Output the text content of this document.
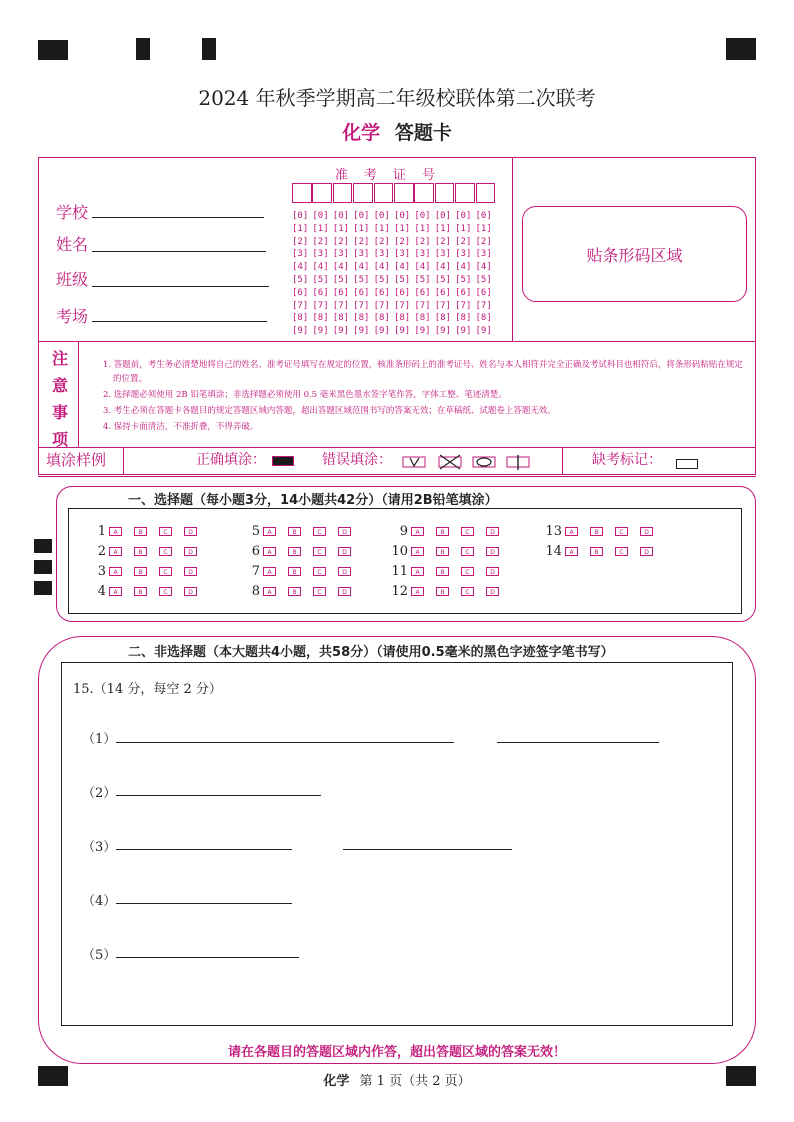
2024 年秋季学期高二年级校联体第二次联考
化学 答题卡
学校
姓名
班级
考场
准考证号
[0] [0] [0] [0] [0] [0] [0] [0] [0] [0]
[1] [1] [1] [1] [1] [1] [1] [1] [1] [1]
[2] [2] [2] [2] [2] [2] [2] [2] [2] [2]
[3] [3] [3] [3] [3] [3] [3] [3] [3] [3]
[4] [4] [4] [4] [4] [4] [4] [4] [4] [4]
[5] [5] [5] [5] [5] [5] [5] [5] [5] [5]
[6] [6] [6] [6] [6] [6] [6] [6] [6] [6]
[7] [7] [7] [7] [7] [7] [7] [7] [7] [7]
[8] [8] [8] [8] [8] [8] [8] [8] [8] [8]
[9] [9] [9] [9] [9] [9] [9] [9] [9] [9]
贴条形码区域
注
意
事
项
1. 答题前，考生务必清楚地将自己的姓名、准考证号填写在规定的位置，核准条形码上的准考证号、姓名与本人相符并完全正确及考试科目也相符后，将条形码粘贴在规定的位置。
2. 选择题必须使用 2B 铅笔填涂；非选择题必须使用 0.5 毫米黑色墨水签字笔作答，字体工整、笔迹清楚。
3. 考生必须在答题卡各题目的规定答题区域内答题，超出答题区域范围书写的答案无效；在草稿纸、试题卷上答题无效。
4. 保持卡面清洁，不准折叠，不得弄破。
填涂样例	正确填涂：	错误填涂：	缺考标记：
一、选择题（每小题3分，14小题共42分）（请用2B铅笔填涂）
1	A	B	C	D
2	A	B	C	D
3	A	B	C	D
4	A	B	C	D
5	A	B	C	D
6	A	B	C	D
7	A	B	C	D
8	A	B	C	D
9	A	B	C	D
10	A	B	C	D
11	A	B	C	D
12	A	B	C	D
13	A	B	C	D
14	A	B	C	D
二、非选择题（本大题共4小题，共58分）（请使用0.5毫米的黑色字迹签字笔书写）
15.（14 分，每空 2 分）
（1）
（2）
（3）
（4）
（5）
请在各题目的答题区域内作答，超出答题区域的答案无效！
化学 第 1 页（共 2 页）
